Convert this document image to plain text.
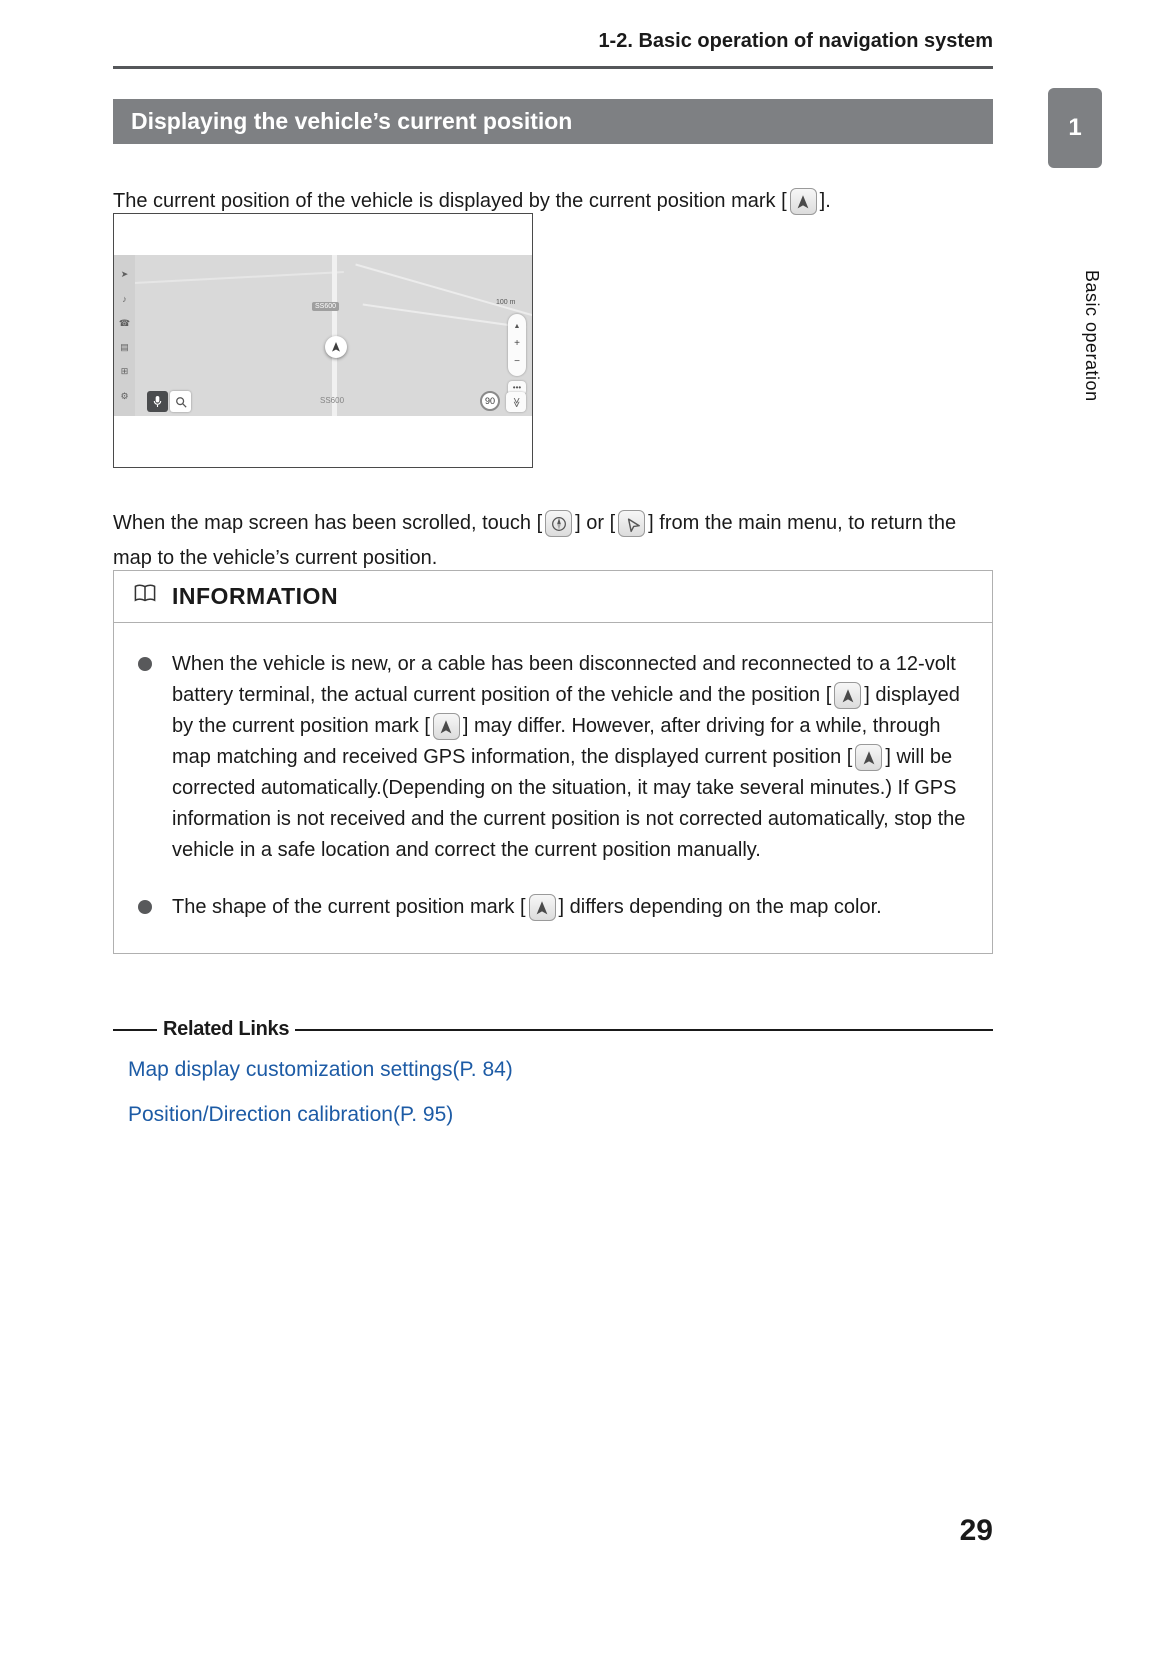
1-2. Basic operation of navigation system
Displaying the vehicle’s current position	1
Basic operation

The current position of the vehicle is displayed by the current position mark [ ].

➤
♪
☎
▤
⊞
⚙
SS600
SS600
100 m
▲
+
−
•••
90	≫

When the map screen has been scrolled, touch [ ] or [ ] from the main menu, to return the map to the vehicle’s current position.

INFORMATION
When the vehicle is new, or a cable has been disconnected and reconnected to a 12-volt battery terminal, the actual current position of the vehicle and the position [ ] displayed by the current position mark [ ] may differ. However, after driving for a while, through map matching and received GPS information, the displayed current position [ ] will be corrected automatically.(Depending on the situation, it may take several minutes.) If GPS information is not received and the current position is not corrected automatically, stop the vehicle in a safe location and correct the current position manually.
The shape of the current position mark [ ] differs depending on the map color.
Related Links
Map display customization settings(P. 84)
Position/Direction calibration(P. 95)
29
